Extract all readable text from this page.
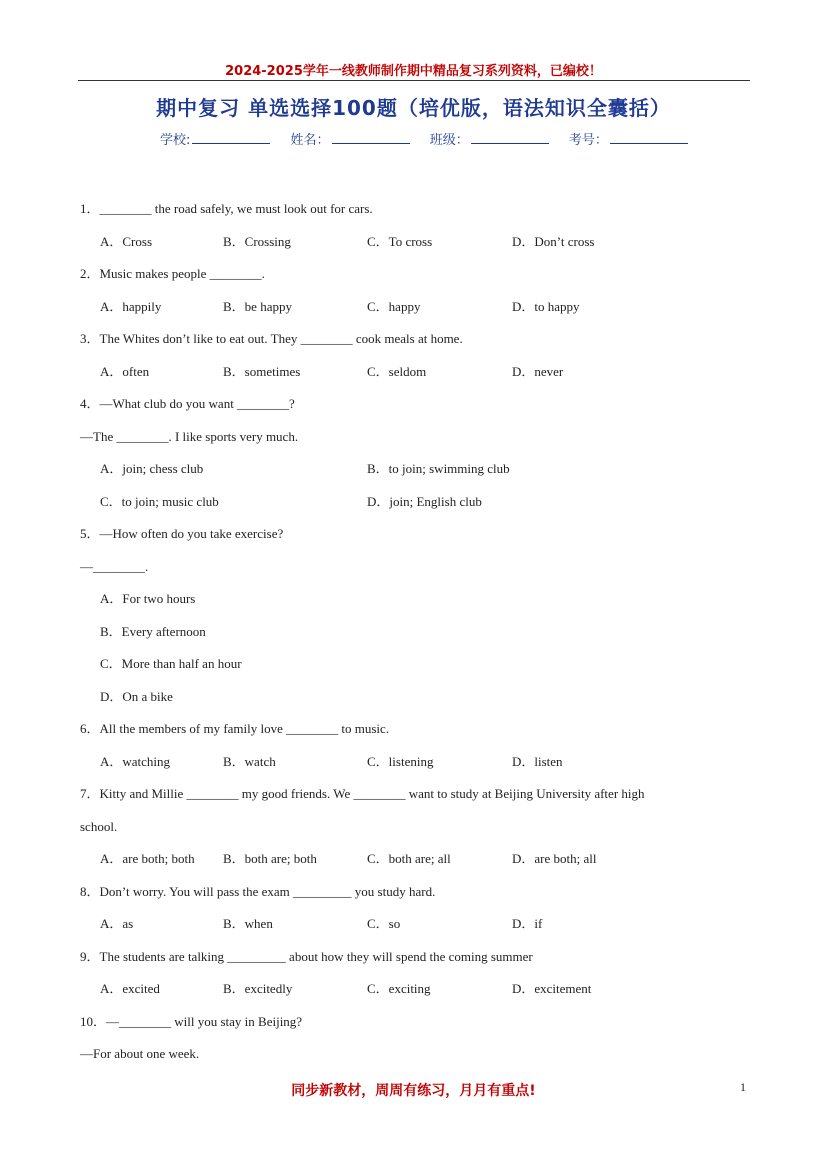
2024-2025学年一线教师制作期中精品复习系列资料，已编校！
期中复习 单选选择100题（培优版，语法知识全囊括）
学校:	姓名：	班级：	考号：
1．________ the road safely, we must look out for cars.
A．Cross	B．Crossing	C．To cross	D．Don’t cross
2．Music makes people ________.
A．happily	B．be happy	C．happy	D．to happy
3．The Whites don’t like to eat out. They ________ cook meals at home.
A．often	B．sometimes	C．seldom	D．never
4．—What club do you want ________?
—The ________. I like sports very much.
A．join; chess club	B．to join; swimming club
C．to join; music club	D．join; English club
5．—How often do you take exercise?
—________.
A．For two hours
B．Every afternoon
C．More than half an hour
D．On a bike
6．All the members of my family love ________ to music.
A．watching	B．watch	C．listening	D．listen
7．Kitty and Millie ________ my good friends. We ________ want to study at Beijing University after high
school.
A．are both; both B．both are; both	C．both are; all	D．are both; all
8．Don’t worry. You will pass the exam _________ you study hard.
A．as	B．when	C．so	D．if
9．The students are talking _________ about how they will spend the coming summer
A．excited	B．excitedly	C．exciting	D．excitement
10．—________ will you stay in Beijing?
—For about one week.
同步新教材，周周有练习，月月有重点!	1
